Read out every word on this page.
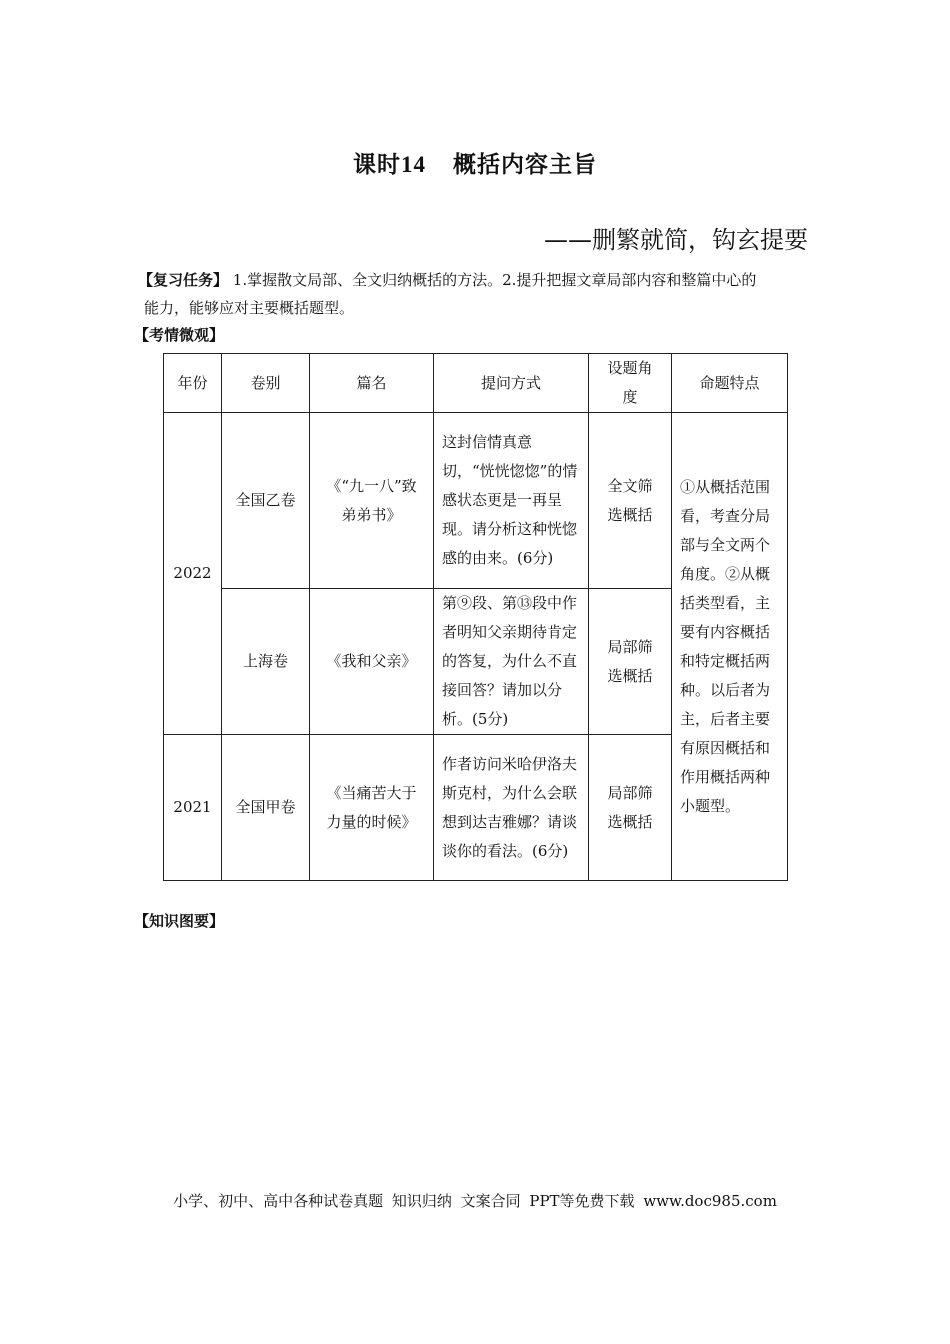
课时14 概括内容主旨
——删繁就简，钩玄提要
【复习任务】 1.掌握散文局部、全文归纳概括的方法。2.提升把握文章局部内容和整篇中心的
能力，能够应对主要概括题型。
【考情微观】
年份	卷别	篇名	提问方式	设题角度	命题特点
2022	全国乙卷	《“九一八”致弟弟书》	这封信情真意切，“恍恍惚惚”的情感状态更是一再呈现。请分析这种恍惚感的由来。(6分)	全文筛选概括	①从概括范围看，考查分局部与全文两个角度。②从概括类型看，主要有内容概括和特定概括两种。以后者为主，后者主要有原因概括和作用概括两种小题型。
	上海卷	《我和父亲》	第⑨段、第⑬段中作者明知父亲期待肯定的答复，为什么不直接回答？请加以分析。(5分)	局部筛选概括	
2021	全国甲卷	《当痛苦大于力量的时候》	作者访问米哈伊洛夫斯克村，为什么会联想到达吉雅娜？请谈谈你的看法。(6分)	局部筛选概括	
【知识图要】
小学、初中、高中各种试卷真题 知识归纳 文案合同 PPT等免费下载 www.doc985.com
